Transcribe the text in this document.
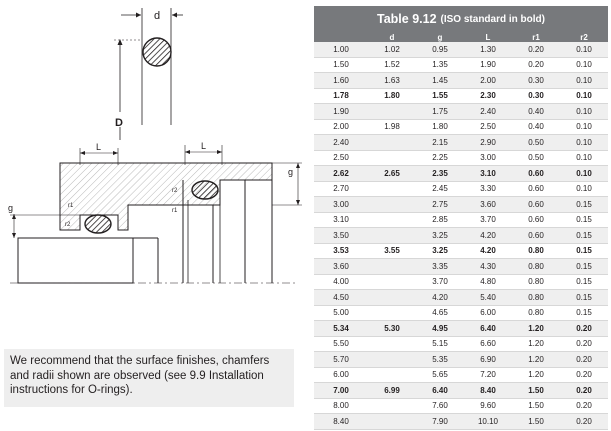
d
D
L	L
g
g
r1
r2
r2
r1
We recommend that the surface finishes, chamfers and radii shown are observed (see 9.9 Installation instructions for O-rings).
Table 9.12 (ISO standard in bold)
	d	g	L	r1	r2
1.00	1.02	0.95	1.30	0.20	0.10
1.50	1.52	1.35	1.90	0.20	0.10
1.60	1.63	1.45	2.00	0.30	0.10
1.78	1.80	1.55	2.30	0.30	0.10
1.90		1.75	2.40	0.40	0.10
2.00	1.98	1.80	2.50	0.40	0.10
2.40		2.15	2.90	0.50	0.10
2.50		2.25	3.00	0.50	0.10
2.62	2.65	2.35	3.10	0.60	0.10
2.70		2.45	3.30	0.60	0.10
3.00		2.75	3.60	0.60	0.15
3.10		2.85	3.70	0.60	0.15
3.50		3.25	4.20	0.60	0.15
3.53	3.55	3.25	4.20	0.80	0.15
3.60		3.35	4.30	0.80	0.15
4.00		3.70	4.80	0.80	0.15
4.50		4.20	5.40	0.80	0.15
5.00		4.65	6.00	0.80	0.15
5.34	5.30	4.95	6.40	1.20	0.20
5.50		5.15	6.60	1.20	0.20
5.70		5.35	6.90	1.20	0.20
6.00		5.65	7.20	1.20	0.20
7.00	6.99	6.40	8.40	1.50	0.20
8.00		7.60	9.60	1.50	0.20
8.40		7.90	10.10	1.50	0.20
